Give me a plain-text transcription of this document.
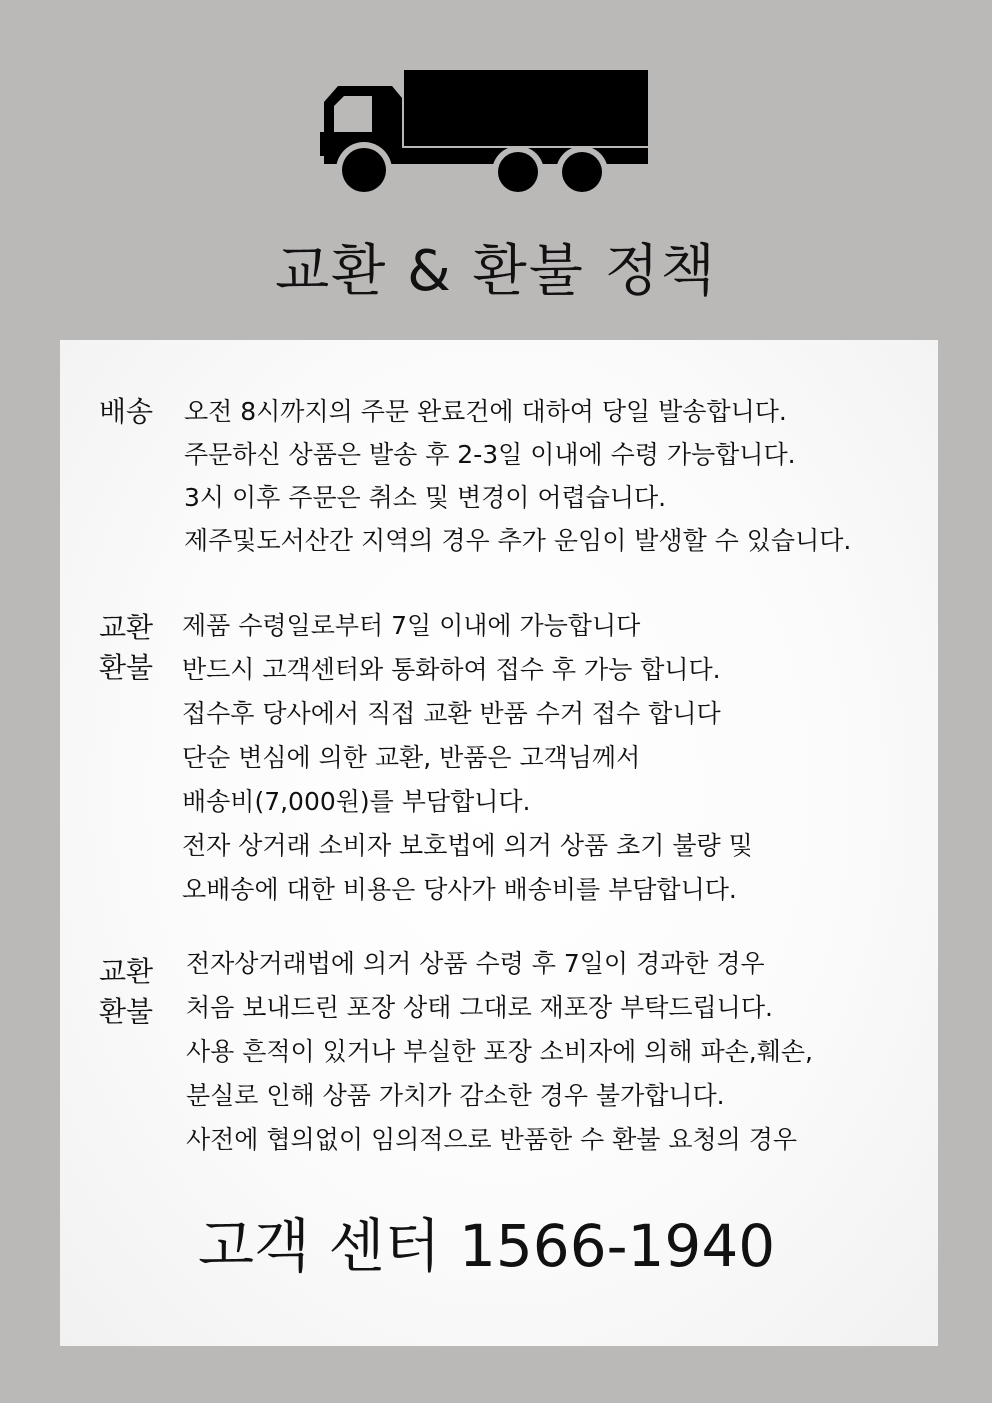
교환 & 환불 정책
배송	오전 8시까지의 주문 완료건에 대하여 당일 발송합니다.
주문하신 상품은 발송 후 2-3일 이내에 수령 가능합니다.
3시 이후 주문은 취소 및 변경이 어렵습니다.
제주및도서산간 지역의 경우 추가 운임이 발생할 수 있습니다.
교환
환불
제품 수령일로부터 7일 이내에 가능합니다
반드시 고객센터와 통화하여 접수 후 가능 합니다.
접수후 당사에서 직접 교환 반품 수거 접수 합니다
단순 변심에 의한 교환, 반품은 고객님께서
배송비(7,000원)를 부담합니다.
전자 상거래 소비자 보호법에 의거 상품 초기 불량 및
오배송에 대한 비용은 당사가 배송비를 부담합니다.
교환
환불
전자상거래법에 의거 상품 수령 후 7일이 경과한 경우
처음 보내드린 포장 상태 그대로 재포장 부탁드립니다.
사용 흔적이 있거나 부실한 포장 소비자에 의해 파손,훼손,
분실로 인해 상품 가치가 감소한 경우 불가합니다.
사전에 협의없이 임의적으로 반품한 수 환불 요청의 경우
고객 센터 1566-1940
